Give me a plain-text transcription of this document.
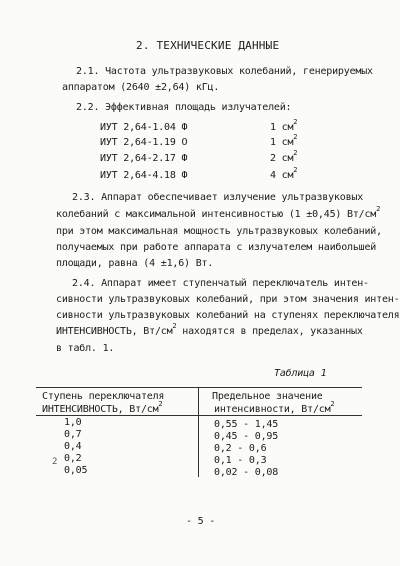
2. ТЕХНИЧЕСКИЕ ДАННЫЕ
2.1. Частота ультразвуковых колебаний, генерируемых
аппаратом (2640 ±2,64) кГц.
2.2. Эффективная площадь излучателей:
ИУТ 2,64-1.04 Ф	1 $см^2$
ИУТ 2,64-1.19 О	1 $см^2$
ИУТ 2,64-2.17 Ф	2 $см^2$
ИУТ 2,64-4.18 Ф	4 $см^2$
2.3. Аппарат обеспечивает излучение ультразвуковых
колебаний с максимальной интенсивностью (1 ±0,45) $Вт/см^2$
при этом максимальная мощность ультразвуковых колебаний,
получаемых при работе аппарата с излучателем наибольшей
площади, равна (4 ±1,6) Вт.
2.4. Аппарат имеет ступенчатый переключатель интен-
сивности ультразвуковых колебаний, при этом значения интен-
сивности ультразвуковых колебаний на ступенях переключателя
ИНТЕНСИВНОСТЬ, $Вт/см^2$ находятся в пределах, указанных
в табл. 1.
Таблица 1
Ступень переключателя
ИНТЕНСИВНОСТЬ, $Вт/см^2$
Предельное значение
интенсивности, $Вт/см^2$
1,0	0,55 - 1,45
0,7	0,45 - 0,95
0,4	0,2 - 0,6
0,2	0,1 - 0,3
0,05	0,02 - 0,08
2
- 5 -
